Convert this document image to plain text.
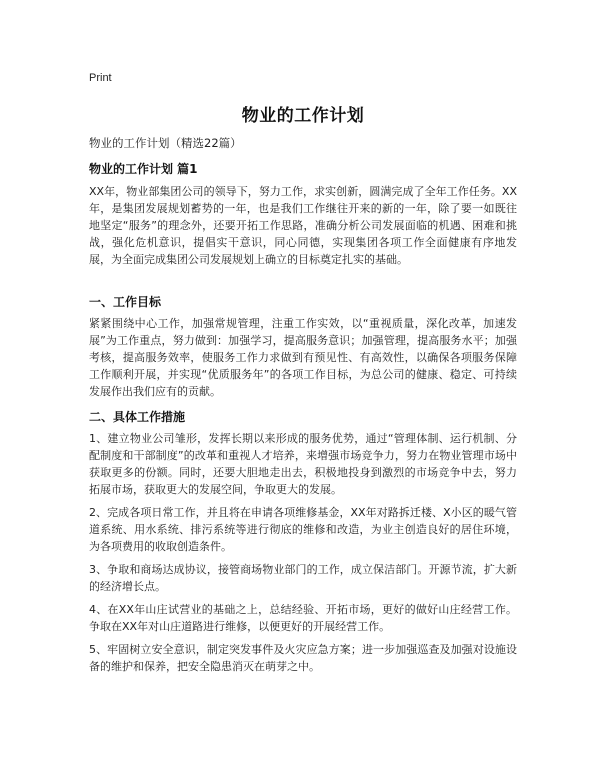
Print
物业的工作计划
物业的工作计划（精选22篇）
物业的工作计划 篇1

XX年，物业部集团公司的领导下，努力工作，求实创新，圆满完成了全年工作任务。XX年，是集团发展规划蓄势的一年，也是我们工作继往开来的新的一年，除了要一如既往地坚定“服务”的理念外，还要开拓工作思路，准确分析公司发展面临的机遇、困难和挑战，强化危机意识，提倡实干意识，同心同德，实现集团各项工作全面健康有序地发展，为全面完成集团公司发展规划上确立的目标奠定扎实的基础。

一、工作目标

紧紧围绕中心工作，加强常规管理，注重工作实效，以“重视质量，深化改革，加速发展”为工作重点，努力做到：加强学习，提高服务意识；加强管理，提高服务水平；加强考核，提高服务效率，使服务工作力求做到有预见性、有高效性，以确保各项服务保障工作顺利开展，并实现“优质服务年”的各项工作目标，为总公司的健康、稳定、可持续发展作出我们应有的贡献。

二、具体工作措施

1、建立物业公司雏形，发挥长期以来形成的服务优势，通过“管理体制、运行机制、分配制度和干部制度”的改革和重视人才培养，来增强市场竞争力，努力在物业管理市场中获取更多的份额。同时，还要大胆地走出去，积极地投身到激烈的市场竞争中去，努力拓展市场，获取更大的发展空间，争取更大的发展。

2、完成各项日常工作，并且将在申请各项维修基金，XX年对路拆迁楼、X小区的暖气管道系统、用水系统、排污系统等进行彻底的维修和改造，为业主创造良好的居住环境，为各项费用的收取创造条件。

3、争取和商场达成协议，接管商场物业部门的工作，成立保洁部门。开源节流，扩大新的经济增长点。

4、在XX年山庄试营业的基础之上，总结经验、开拓市场，更好的做好山庄经营工作。争取在XX年对山庄道路进行维修，以便更好的开展经营工作。

5、牢固树立安全意识，制定突发事件及火灾应急方案；进一步加强巡查及加强对设施设备的维护和保养，把安全隐患消灭在萌芽之中。
